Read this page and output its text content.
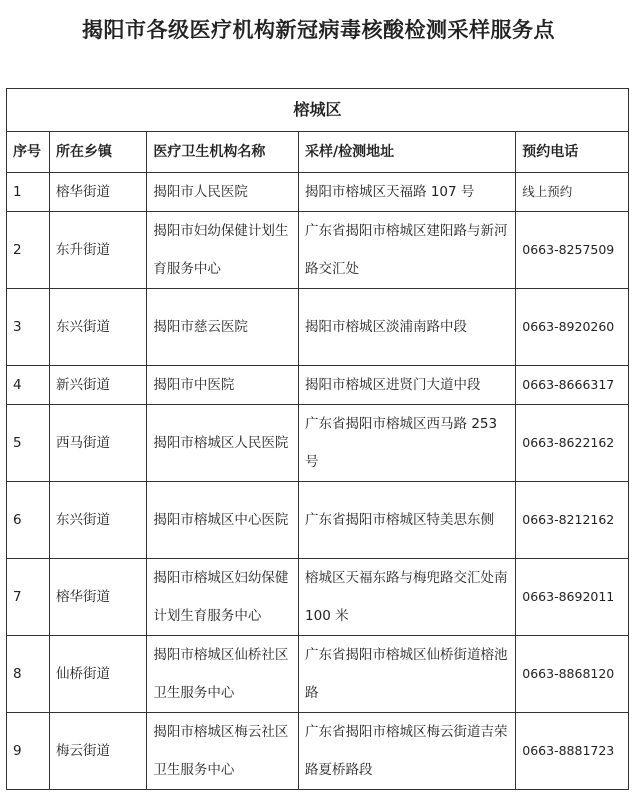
揭阳市各级医疗机构新冠病毒核酸检测采样服务点
榕城区				
序号	所在乡镇	医疗卫生机构名称	采样/检测地址	预约电话
1	榕华街道	揭阳市人民医院	揭阳市榕城区天福路 107 号	线上预约
2	东升街道	揭阳市妇幼保健计划生育服务中心	广东省揭阳市榕城区建阳路与新河路交汇处	0663-8257509
3	东兴街道	揭阳市慈云医院	揭阳市榕城区淡浦南路中段	0663-8920260
4	新兴街道	揭阳市中医院	揭阳市榕城区进贤门大道中段	0663-8666317
5	西马街道	揭阳市榕城区人民医院	广东省揭阳市榕城区西马路 253 号	0663-8622162
6	东兴街道	揭阳市榕城区中心医院	广东省揭阳市榕城区特美思东侧	0663-8212162
7	榕华街道	揭阳市榕城区妇幼保健计划生育服务中心	榕城区天福东路与梅兜路交汇处南 100 米	0663-8692011
8	仙桥街道	揭阳市榕城区仙桥社区卫生服务中心	广东省揭阳市榕城区仙桥街道榕池路	0663-8868120
9	梅云街道	揭阳市榕城区梅云社区卫生服务中心	广东省揭阳市榕城区梅云街道吉荣路夏桥路段	0663-8881723
